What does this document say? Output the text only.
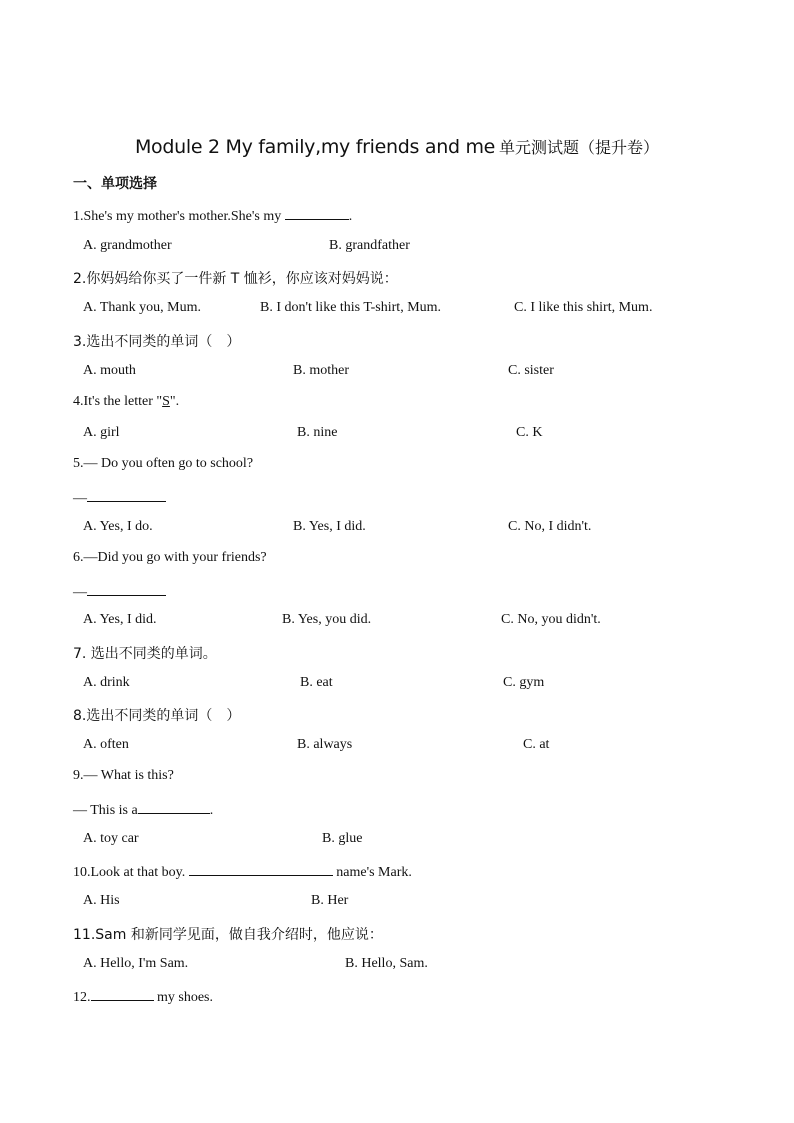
Module 2 My family,my friends and me 单元测试题（提升卷）
一、单项选择
1.She's my mother's mother.She's my	.
A. grandmother	B. grandfather
2.你妈妈给你买了一件新 T 恤衫，你应该对妈妈说：
A. Thank you, Mum.	B. I don't like this T-shirt, Mum.	C. I like this shirt, Mum.
3.选出不同类的单词（　）
A. mouth	B. mother	C. sister
4.It's the letter "S".
A. girl	B. nine	C. K
5.— Do you often go to school?
—
A. Yes, I do.	B. Yes, I did.	C. No, I didn't.
6.—Did you go with your friends?
—
A. Yes, I did.	B. Yes, you did.	C. No, you didn't.
7. 选出不同类的单词。
A. drink	B. eat	C. gym
8.选出不同类的单词（　）
A. often	B. always	C. at
9.— What is this?
— This is a	.
A. toy car	B. glue
10.Look at that boy.	name's Mark.
A. His	B. Her
11.Sam 和新同学见面，做自我介绍时，他应说：
A. Hello, I'm Sam.	B. Hello, Sam.
12.	my shoes.
